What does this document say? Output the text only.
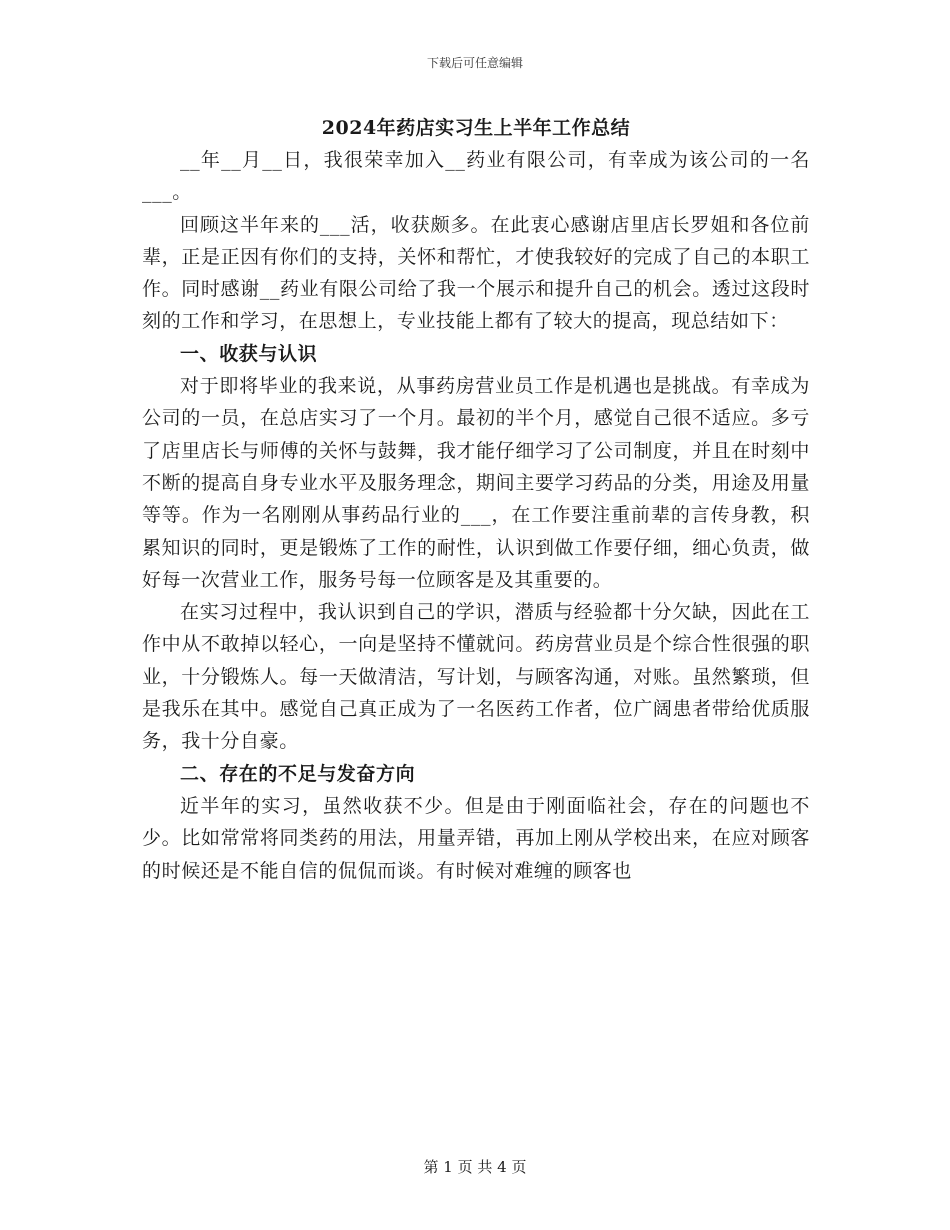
下载后可任意编辑
2024年药店实习生上半年工作总结

__年__月__日，我很荣幸加入__药业有限公司，有幸成为该公司的一名___。

回顾这半年来的___活，收获颇多。在此衷心感谢店里店长罗姐和各位前辈，正是正因有你们的支持，关怀和帮忙，才使我较好的完成了自己的本职工作。同时感谢__药业有限公司给了我一个展示和提升自己的机会。透过这段时刻的工作和学习，在思想上，专业技能上都有了较大的提高，现总结如下：

一、收获与认识

对于即将毕业的我来说，从事药房营业员工作是机遇也是挑战。有幸成为公司的一员，在总店实习了一个月。最初的半个月，感觉自己很不适应。多亏了店里店长与师傅的关怀与鼓舞，我才能仔细学习了公司制度，并且在时刻中不断的提高自身专业水平及服务理念，期间主要学习药品的分类，用途及用量等等。作为一名刚刚从事药品行业的___，在工作要注重前辈的言传身教，积累知识的同时，更是锻炼了工作的耐性，认识到做工作要仔细，细心负责，做好每一次营业工作，服务号每一位顾客是及其重要的。

在实习过程中，我认识到自己的学识，潜质与经验都十分欠缺，因此在工作中从不敢掉以轻心，一向是坚持不懂就问。药房营业员是个综合性很强的职业，十分锻炼人。每一天做清洁，写计划，与顾客沟通，对账。虽然繁琐，但是我乐在其中。感觉自己真正成为了一名医药工作者，位广阔患者带给优质服务，我十分自豪。

二、存在的不足与发奋方向

近半年的实习，虽然收获不少。但是由于刚面临社会，存在的问题也不少。比如常常将同类药的用法，用量弄错，再加上刚从学校出来，在应对顾客的时候还是不能自信的侃侃而谈。有时候对难缠的顾客也

第 1 页 共 4 页
